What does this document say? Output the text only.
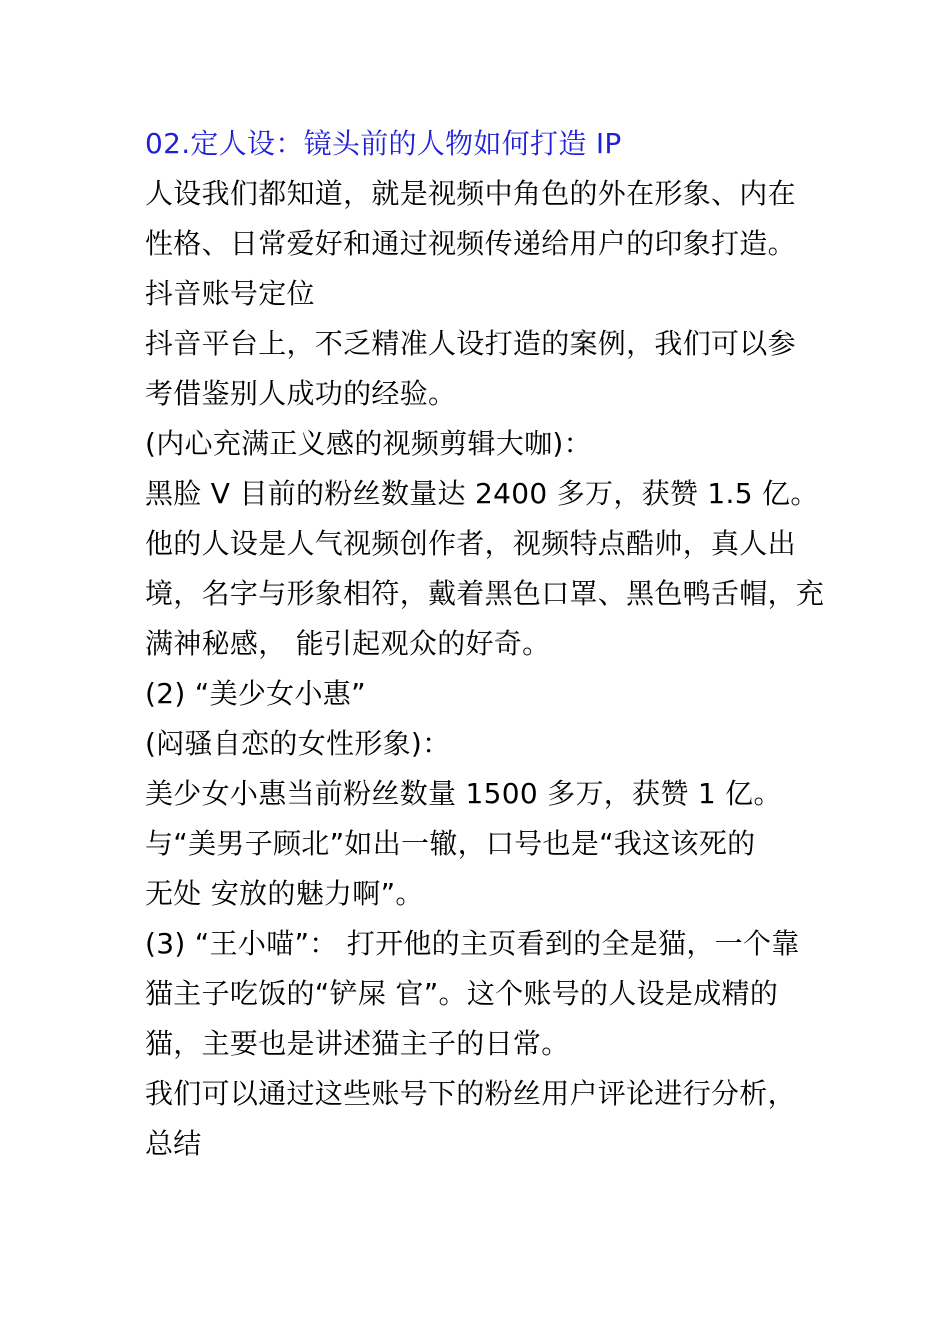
02.定人设：镜头前的人物如何打造 IP
人设我们都知道，就是视频中角色的外在形象、内在
性格、日常爱好和通过视频传递给用户的印象打造。
抖音账号定位
抖音平台上，不乏精准人设打造的案例，我们可以参
考借鉴别人成功的经验。
(内心充满正义感的视频剪辑大咖)：
黑脸 V 目前的粉丝数量达 2400 多万，获赞 1.5 亿。
他的人设是人气视频创作者，视频特点酷帅，真人出
境，名字与形象相符，戴着黑色口罩、黑色鸭舌帽，充
满神秘感， 能引起观众的好奇。
(2) “美少女小惠”
(闷骚自恋的女性形象)：
美少女小惠当前粉丝数量 1500 多万，获赞 1 亿。
与“美男子顾北”如出一辙，口号也是“我这该死的
无处 安放的魅力啊”。
(3) “王小喵”： 打开他的主页看到的全是猫，一个靠
猫主子吃饭的“铲屎 官”。这个账号的人设是成精的
猫，主要也是讲述猫主子的日常。
我们可以通过这些账号下的粉丝用户评论进行分析，
总结
